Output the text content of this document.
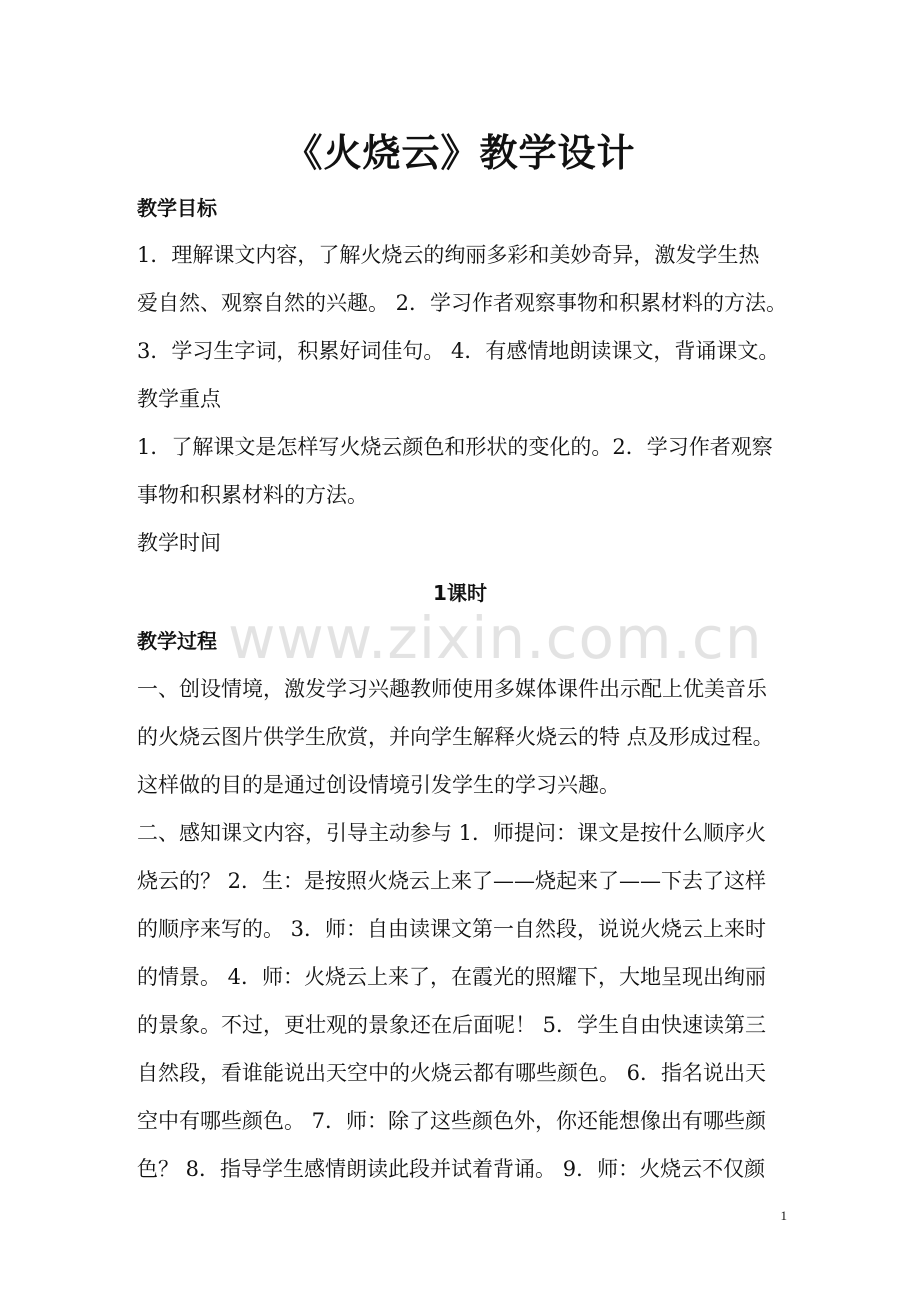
www.zixin.com.cn
《火烧云》教学设计

教学目标

1．理解课文内容，了解火烧云的绚丽多彩和美妙奇异，激发学生热

爱自然、观察自然的兴趣。 2．学习作者观察事物和积累材料的方法。

3．学习生字词，积累好词佳句。 4．有感情地朗读课文，背诵课文。

教学重点

1．了解课文是怎样写火烧云颜色和形状的变化的。2．学习作者观察

事物和积累材料的方法。

教学时间

1课时

教学过程

一、创设情境，激发学习兴趣教师使用多媒体课件出示配上优美音乐

的火烧云图片供学生欣赏，并向学生解释火烧云的特 点及形成过程。

这样做的目的是通过创设情境引发学生的学习兴趣。

二、感知课文内容，引导主动参与 1．师提问：课文是按什么顺序火

烧云的？ 2．生：是按照火烧云上来了——烧起来了——下去了这样

的顺序来写的。 3．师：自由读课文第一自然段，说说火烧云上来时

的情景。 4．师：火烧云上来了，在霞光的照耀下，大地呈现出绚丽

的景象。不过，更壮观的景象还在后面呢！ 5．学生自由快速读第三

自然段，看谁能说出天空中的火烧云都有哪些颜色。 6．指名说出天

空中有哪些颜色。 7．师：除了这些颜色外，你还能想像出有哪些颜

色？ 8．指导学生感情朗读此段并试着背诵。 9．师：火烧云不仅颜

1
